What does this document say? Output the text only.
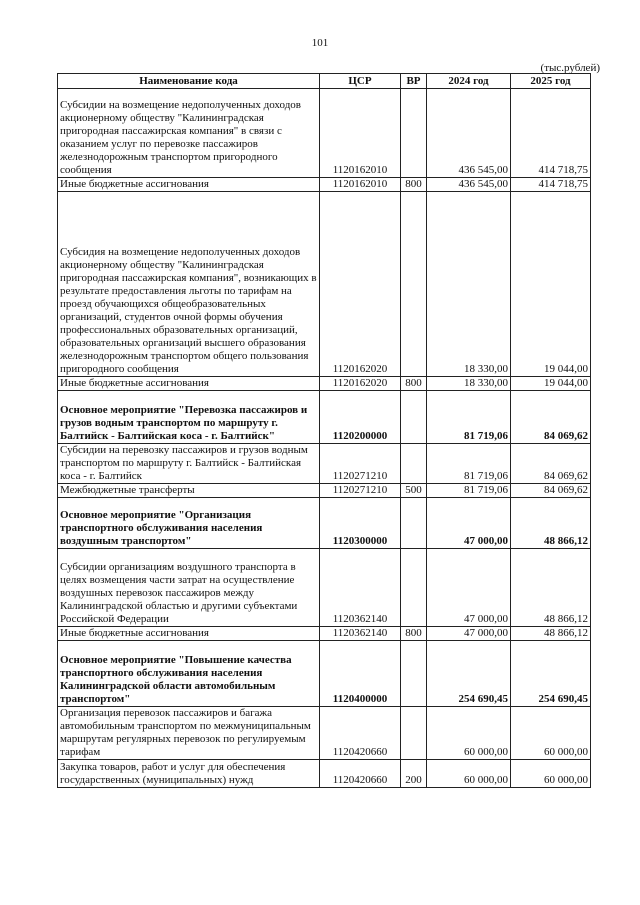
101
(тыс.рублей)
Наименование кода	ЦСР	ВР	2024 год	2025 год
Субсидии на возмещение недополученных доходов акционерному обществу "Калининградская пригородная пассажирская компания" в связи с оказанием услуг по перевозке пассажиров железнодорожным транспортом пригородного сообщения	1120162010		436 545,00	414 718,75
Иные бюджетные ассигнования	1120162010	800	436 545,00	414 718,75
Субсидия на возмещение недополученных доходов акционерному обществу "Калининградская пригородная пассажирская компания", возникающих в результате предоставления льготы по тарифам на проезд обучающихся общеобразовательных организаций, студентов очной формы обучения профессиональных образовательных организаций, образовательных организаций высшего образования железнодорожным транспортом общего пользования пригородного сообщения	1120162020		18 330,00	19 044,00
Иные бюджетные ассигнования	1120162020	800	18 330,00	19 044,00
Основное мероприятие "Перевозка пассажиров и грузов водным транспортом по маршруту г. Балтийск - Балтийская коса - г. Балтийск"	1120200000		81 719,06	84 069,62
Субсидии на перевозку пассажиров и грузов водным транспортом по маршруту г. Балтийск - Балтийская коса - г. Балтийск	1120271210		81 719,06	84 069,62
Межбюджетные трансферты	1120271210	500	81 719,06	84 069,62
Основное мероприятие "Организация транспортного обслуживания населения воздушным транспортом"	1120300000		47 000,00	48 866,12
Субсидии организациям воздушного транспорта в целях возмещения части затрат на осуществление воздушных перевозок пассажиров между Калининградской областью и другими субъектами Российской Федерации	1120362140		47 000,00	48 866,12
Иные бюджетные ассигнования	1120362140	800	47 000,00	48 866,12
Основное мероприятие "Повышение качества транспортного обслуживания населения Калининградской области автомобильным транспортом"	1120400000		254 690,45	254 690,45
Организация перевозок пассажиров и багажа автомобильным транспортом по межмуниципальным маршрутам регулярных перевозок по регулируемым тарифам	1120420660		60 000,00	60 000,00
Закупка товаров, работ и услуг для обеспечения государственных (муниципальных) нужд	1120420660	200	60 000,00	60 000,00
